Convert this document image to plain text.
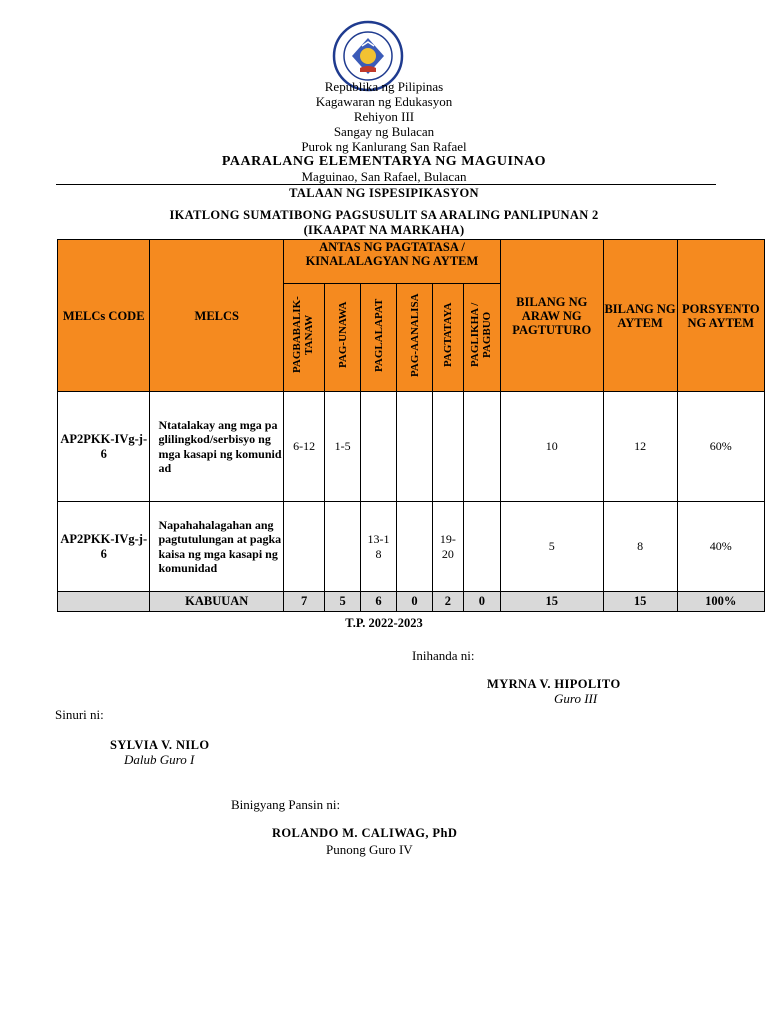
Republika ng Pilipinas
Kagawaran ng Edukasyon
Rehiyon III
Sangay ng Bulacan
Purok ng Kanlurang San Rafael
PAARALANG ELEMENTARYA NG MAGUINAO
Maguinao, San Rafael, Bulacan
TALAAN NG ISPESIPIKASYON
IKATLONG SUMATIBONG PAGSUSULIT SA ARALING PANLIPUNAN 2
(IKAAPAT NA MARKAHA)
MELCs CODE	MELCS	ANTAS NG PAGTATASA / KINALALAGYAN NG AYTEM						BILANG NG ARAW NG PAGTUTURO	BILANG NG AYTEM	PORSYENTO NG AYTEM
		PAGBABALIK-TANAW	PAG-UNAWA	PAGLALAPAT	PAG-AANALISA	PAGTATAYA	PAGLIKHA / PAGBUO			
AP2PKK-IVg-j-6	Ntatalakay ang mga paglilingkod/serbisyo ng mga kasapi ng komunidad	6-12	1-5					10	12	60%
AP2PKK-IVg-j-6	Napahahalagahan ang pagtutulungan at pagkakaisa ng mga kasapi ng komunidad			13-18		19-20		5	8	40%
	KABUUAN	7	5	6	0	2	0	15	15	100%
T.P. 2022-2023
Inihanda ni:
MYRNA V. HIPOLITO
Guro III
Sinuri ni:
SYLVIA V. NILO
Dalub Guro I
Binigyang Pansin ni:
ROLANDO M. CALIWAG, PhD
Punong Guro IV
